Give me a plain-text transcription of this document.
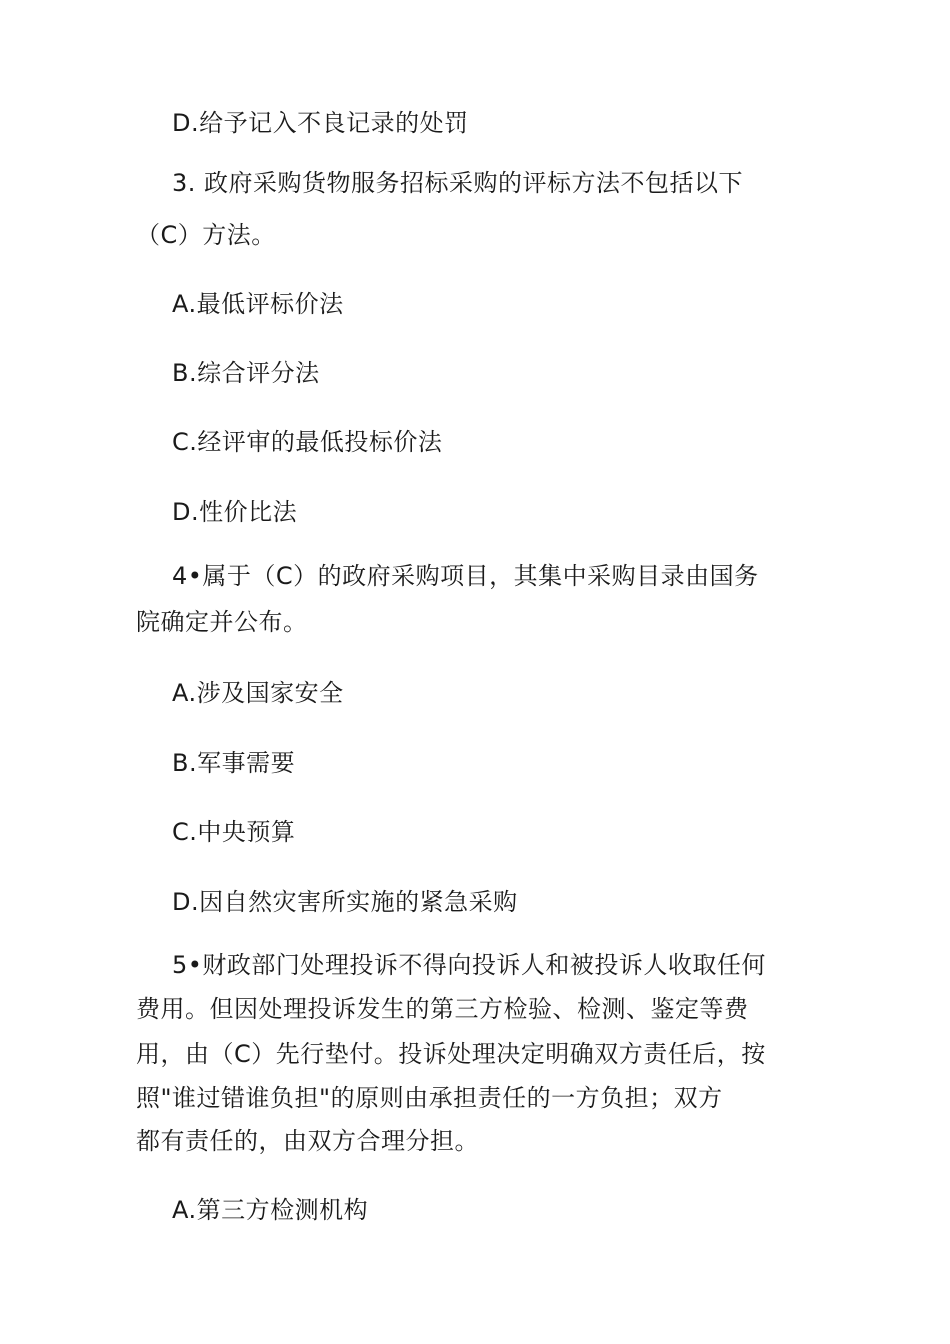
D.给予记入不良记录的处罚
3. 政府采购货物服务招标采购的评标方法不包括以下
（C）方法。
A.最低评标价法
B.综合评分法
C.经评审的最低投标价法
D.性价比法
4•属于（C）的政府采购项目，其集中采购目录由国务
院确定并公布。
A.涉及国家安全
B.军事需要
C.中央预算
D.因自然灾害所实施的紧急采购
5•财政部门处理投诉不得向投诉人和被投诉人收取任何
费用。但因处理投诉发生的第三方检验、检测、鉴定等费
用，由（C）先行垫付。投诉处理决定明确双方责任后，按
照"谁过错谁负担"的原则由承担责任的一方负担；双方
都有责任的，由双方合理分担。
A.第三方检测机构
